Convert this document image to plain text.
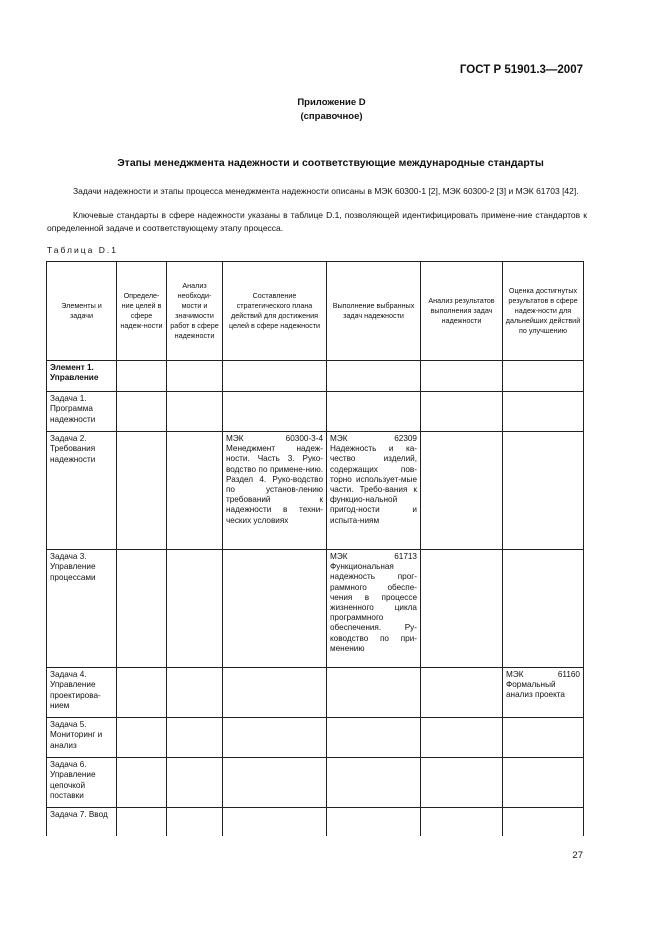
ГОСТ Р 51901.3—2007
Приложение D
(справочное)
Этапы менеджмента надежности и соответствующие международные стандарты
Задачи надежности и этапы процесса менеджмента надежности описаны в МЭК 60300-1 [2], МЭК 60300-2 [3] и МЭК 61703 [42].
Ключевые стандарты в сфере надежности указаны в таблице D.1, позволяющей идентифицировать примене-ние стандартов к определенной задаче и соответствующему этапу процесса.
Таблица D.1
Элементы и задачи	Определе-ние целей в сфере надеж-ности	Анализ необходи-мости и значимости работ в сфере надежности	Составление стратегического плана действий для достижения целей в сфере надежности	Выполнение выбранных задач надежности	Анализ результатов выполнения задач надежности	Оценка достигнутых результатов в сфере надеж-ности для дальнейших действий по улучшению
Элемент 1. Управление						
Задача 1. Программа надежности						
Задача 2. Требования надежности			МЭК 60300-3-4 Менеджмент надеж-ности. Часть 3. Руко-водство по примене-нию. Раздел 4. Руко-водство по установ-лению требований к надежности в техни-ческих условиях	МЭК 62309 Надежность и ка-чество изделий, содержащих пов-торно использует-мые части. Требо-вания к функцио-нальной пригод-ности и испыта-ниям		
Задача 3. Управление процессами				МЭК 61713 Функциональная надежность прог-раммного обеспе-чения в процессе жизненного цикла программного обеспечения. Ру-ководство по при-менению		
Задача 4. Управление проектирова-нием						МЭК 61160 Формальный анализ проекта
Задача 5. Мониторинг и анализ						
Задача 6. Управление цепочкой поставки						
Задача 7. Ввод						
27
